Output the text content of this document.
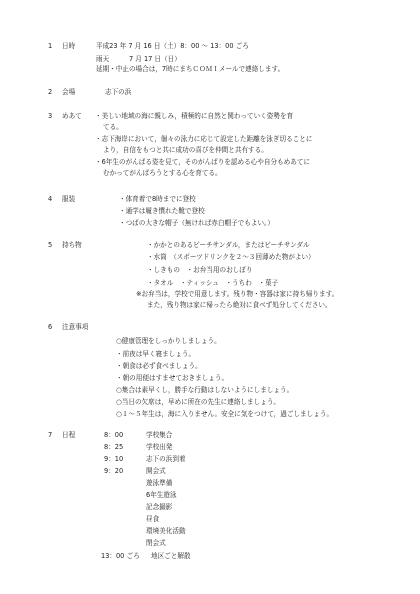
1 日時	平成23 年 7 月 16 日（土）8：00 ～ 13：00 ごろ
雨天　　　7 月 17 日（日）
延期・中止の場合は，7時にまちＣＯＭＩメールで連絡します。
2 会場	志下の浜
3 めあて ・美しい地域の海に親しみ，積極的に自然と関わっていく姿勢を育
てる。
・志下海岸において，個々の泳力に応じて設定した距離を泳ぎ切ることに
より，自信をもつと共に成功の喜びを仲間と共有する。
・6年生のがんばる姿を見て，そのがんばりを認める心や自分もめあてに
むかってがんばろうとする心を育てる。
4 服装	・体育着で8時までに登校
・通学は履き慣れた靴で登校
・つばの大きな帽子（無ければ赤白帽子でもよい。）
5 持ち物	・かかとのあるビーチサンダル，またはビーチサンダル
・水筒　（スポーツドリンクを２～３回薄めた物がよい）
・しきもの　・お弁当用のおしぼり
・タオル　・ティッシュ　・うちわ　・菓子
※お弁当は，学校で用意します。残り物・容器は家に持ち帰ります。
また，残り物は家に帰ったら絶対に食べず処分してください。
6 注意事項
○健康管理をしっかりしましょう。
・前夜は早く寝ましょう。
・朝食は必ず食べましょう。
・朝の用便はすませておきましょう。
○集合は素早くし，勝手な行動はしないようにしましょう。
○当日の欠席は，早めに所在の先生に連絡しましょう。
○１～５年生は，海に入りません。安全に気をつけて，過ごしましょう。
7 日程	8：00	学校集合
8：25	学校出発
9：10	志下の浜到着
9：20	開会式
遊泳準備
6年生遊泳
記念撮影
昼食
環境美化活動
閉会式
13：00 ごろ 地区ごと解散
